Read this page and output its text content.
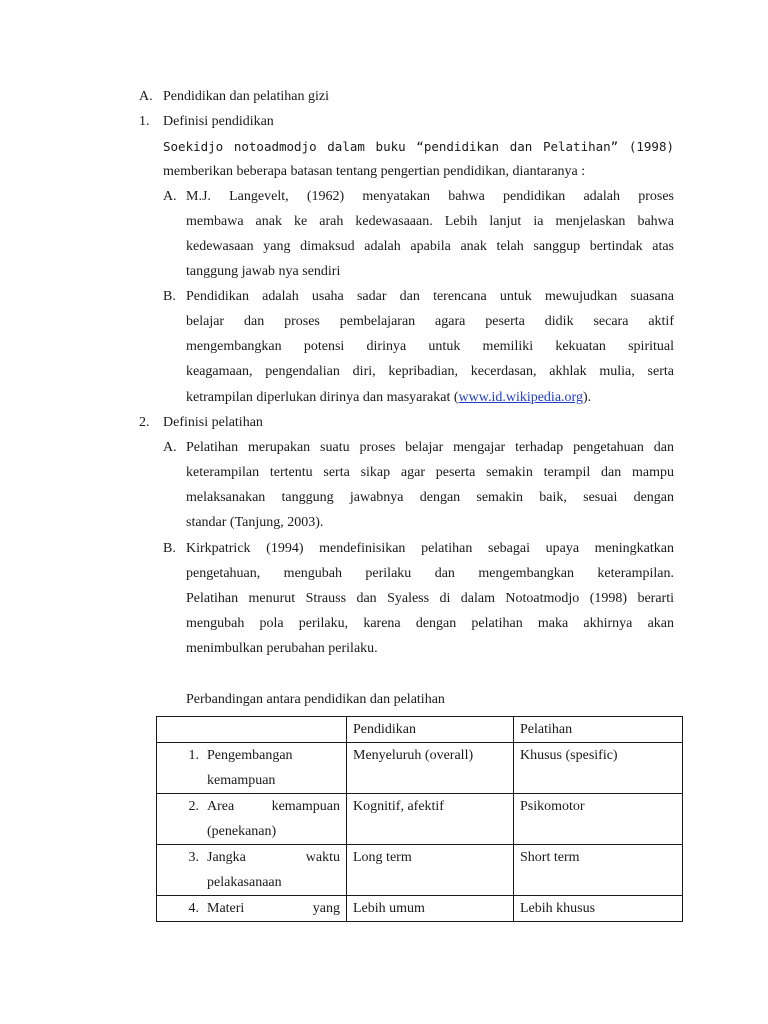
A. Pendidikan dan pelatihan gizi
1. Definisi pendidikan
Soekidjo notoadmodjo dalam buku “pendidikan dan Pelatihan” (1998)
memberikan beberapa batasan tentang pengertian pendidikan, diantaranya :
A. M.J. Langevelt, (1962) menyatakan bahwa pendidikan adalah proses
membawa anak ke arah kedewasaaan. Lebih lanjut ia menjelaskan bahwa
kedewasaan yang dimaksud adalah apabila anak telah sanggup bertindak atas
tanggung jawab nya sendiri
B. Pendidikan adalah usaha sadar dan terencana untuk mewujudkan suasana
belajar dan proses pembelajaran agara peserta didik secara aktif
mengembangkan potensi dirinya untuk memiliki kekuatan spiritual
keagamaan, pengendalian diri, kepribadian, kecerdasan, akhlak mulia, serta
ketrampilan diperlukan dirinya dan masyarakat (www.id.wikipedia.org).
2. Definisi pelatihan
A. Pelatihan merupakan suatu proses belajar mengajar terhadap pengetahuan dan
keterampilan tertentu serta sikap agar peserta semakin terampil dan mampu
melaksanakan tanggung jawabnya dengan semakin baik, sesuai dengan
standar (Tanjung, 2003).
B. Kirkpatrick (1994) mendefinisikan pelatihan sebagai upaya meningkatkan
pengetahuan, mengubah perilaku dan mengembangkan keterampilan.
Pelatihan menurut Strauss dan Syaless di dalam Notoatmodjo (1998) berarti
mengubah pola perilaku, karena dengan pelatihan maka akhirnya akan
menimbulkan perubahan perilaku.
Perbandingan antara pendidikan dan pelatihan
	Pendidikan	Pelatihan

1. Pengembangan
kemampuan	Menyeluruh (overall)	Khusus (spesific)

2. Area kemampuan
(penekanan)	Kognitif, afektif	Psikomotor

3. Jangka waktu
pelakasanaan	Long term	Short term

4. Materi yang	Lebih umum	Lebih khusus
